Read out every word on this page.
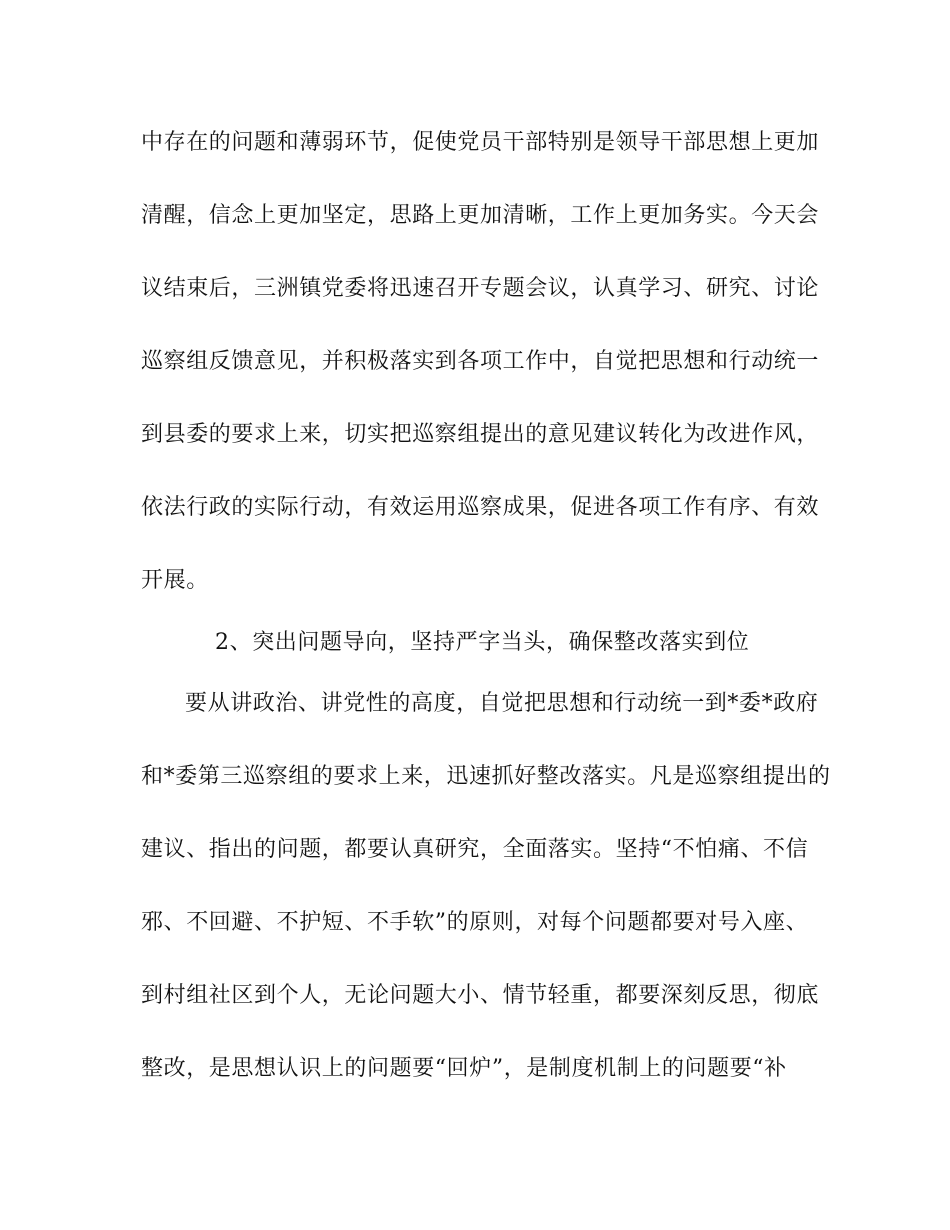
中存在的问题和薄弱环节，促使党员干部特别是领导干部思想上更加
清醒，信念上更加坚定，思路上更加清晰，工作上更加务实。今天会
议结束后，三洲镇党委将迅速召开专题会议，认真学习、研究、讨论
巡察组反馈意见，并积极落实到各项工作中，自觉把思想和行动统一
到县委的要求上来，切实把巡察组提出的意见建议转化为改进作风，
依法行政的实际行动，有效运用巡察成果，促进各项工作有序、有效
开展。
2、突出问题导向，坚持严字当头，确保整改落实到位
要从讲政治、讲党性的高度，自觉把思想和行动统一到*委*政府
和*委第三巡察组的要求上来，迅速抓好整改落实。凡是巡察组提出的
建议、指出的问题，都要认真研究，全面落实。坚持“不怕痛、不信
邪、不回避、不护短、不手软”的原则，对每个问题都要对号入座、
到村组社区到个人，无论问题大小、情节轻重，都要深刻反思，彻底
整改，是思想认识上的问题要“回炉”，是制度机制上的问题要“补
